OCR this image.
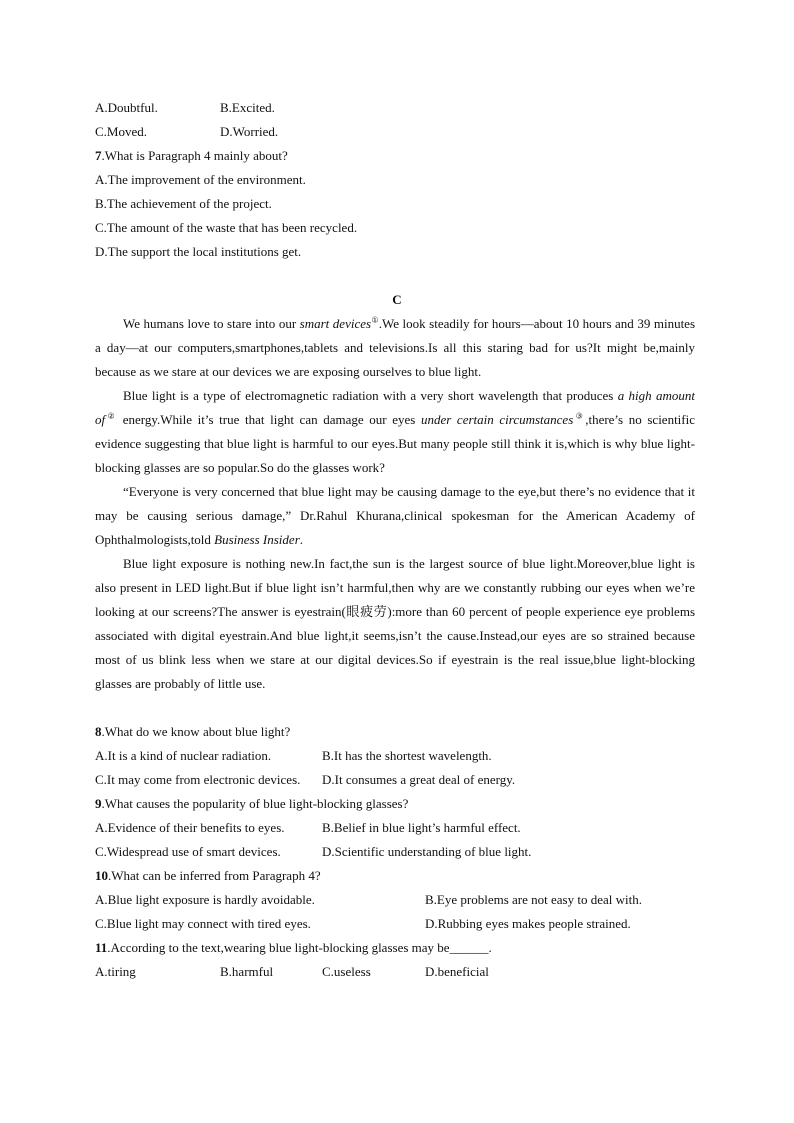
A.Doubtful.	B.Excited.
C.Moved.	D.Worried.
7.What is Paragraph 4 mainly about?
A.The improvement of the environment.
B.The achievement of the project.
C.The amount of the waste that has been recycled.
D.The support the local institutions get.
C
We humans love to stare into our smart devices①.We look steadily for hours—about 10 hours and 39 minutes a day—at our computers,smartphones,tablets and televisions.Is all this staring bad for us?It might be,mainly because as we stare at our devices we are exposing ourselves to blue light.
Blue light is a type of electromagnetic radiation with a very short wavelength that produces a high amount of② energy.While it’s true that light can damage our eyes under certain circumstances③,there’s no scientific evidence suggesting that blue light is harmful to our eyes.But many people still think it is,which is why blue light-blocking glasses are so popular.So do the glasses work?
“Everyone is very concerned that blue light may be causing damage to the eye,but there’s no evidence that it may be causing serious damage,” Dr.Rahul Khurana,clinical spokesman for the American Academy of Ophthalmologists,told Business Insider.
Blue light exposure is nothing new.In fact,the sun is the largest source of blue light.Moreover,blue light is also present in LED light.But if blue light isn’t harmful,then why are we constantly rubbing our eyes when we’re looking at our screens?The answer is eyestrain(眼疲劳):more than 60 percent of people experience eye problems associated with digital eyestrain.And blue light,it seems,isn’t the cause.Instead,our eyes are so strained because most of us blink less when we stare at our digital devices.So if eyestrain is the real issue,blue light-blocking glasses are probably of little use.
8.What do we know about blue light?
A.It is a kind of nuclear radiation.	B.It has the shortest wavelength.
C.It may come from electronic devices. D.It consumes a great deal of energy.
9.What causes the popularity of blue light-blocking glasses?
A.Evidence of their benefits to eyes.	B.Belief in blue light’s harmful effect.
C.Widespread use of smart devices.	D.Scientific understanding of blue light.
10.What can be inferred from Paragraph 4?
A.Blue light exposure is hardly avoidable.	B.Eye problems are not easy to deal with.
C.Blue light may connect with tired eyes.	D.Rubbing eyes makes people strained.
11.According to the text,wearing blue light-blocking glasses may be______.
A.tiring	B.harmful	C.useless	D.beneficial
